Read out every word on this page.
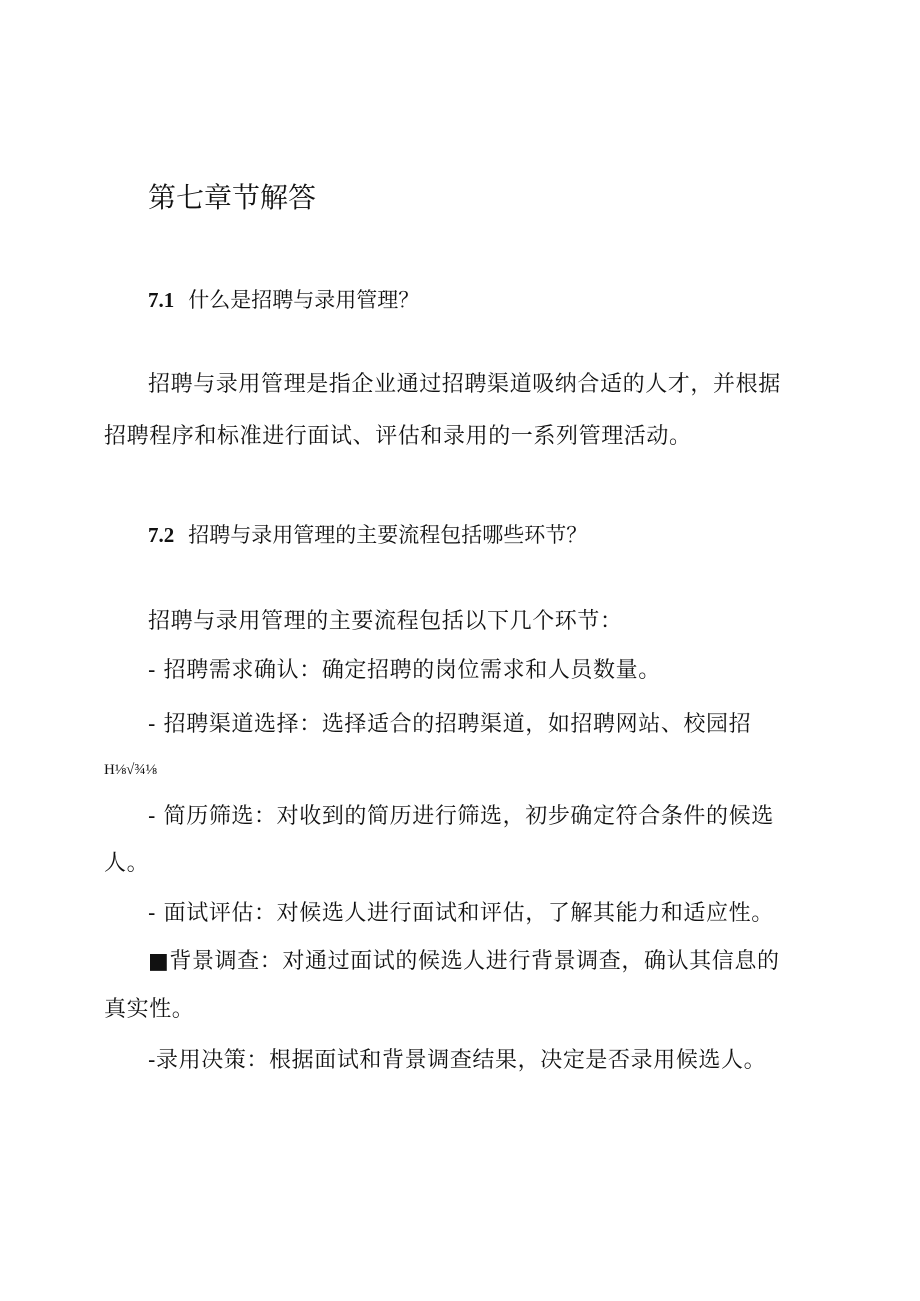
第七章节解答
7.1 什么是招聘与录用管理？
招聘与录用管理是指企业通过招聘渠道吸纳合适的人才，并根据
招聘程序和标准进行面试、评估和录用的一系列管理活动。
7.2 招聘与录用管理的主要流程包括哪些环节？
招聘与录用管理的主要流程包括以下几个环节：
- 招聘需求确认：确定招聘的岗位需求和人员数量。
- 招聘渠道选择：选择适合的招聘渠道，如招聘网站、校园招
H⅛√¾⅛
- 简历筛选：对收到的简历进行筛选，初步确定符合条件的候选
人。
- 面试评估：对候选人进行面试和评估，了解其能力和适应性。
■背景调查：对通过面试的候选人进行背景调查，确认其信息的
真实性。
-录用决策：根据面试和背景调查结果，决定是否录用候选人。
